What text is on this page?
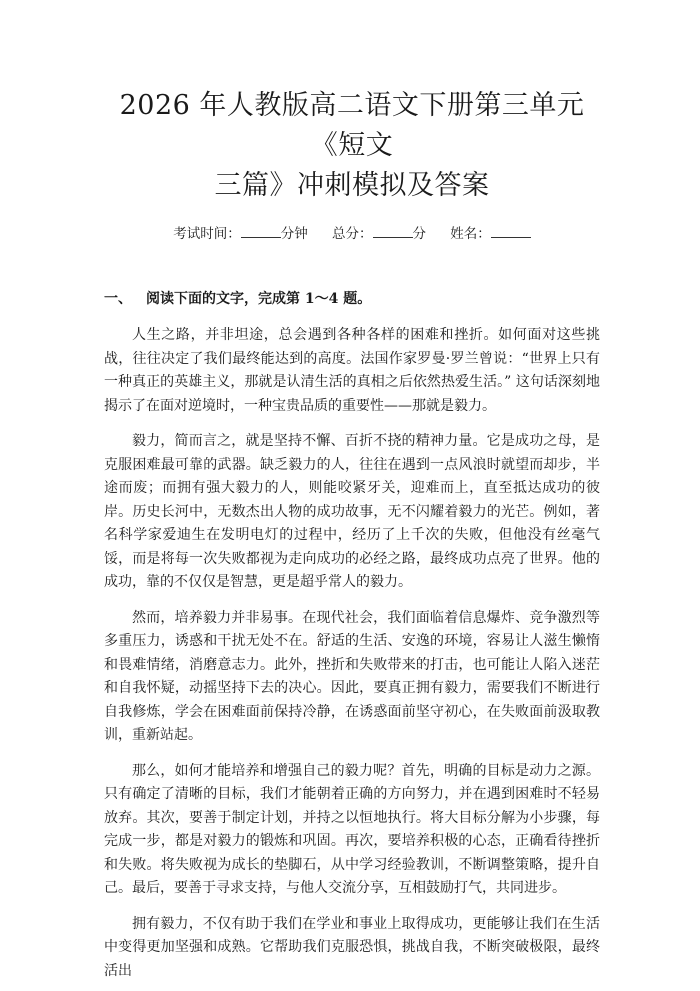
2026 年人教版高二语文下册第三单元《短文
三篇》冲刺模拟及答案
考试时间：	分钟 总分：	分 姓名：
一、 阅读下面的文字，完成第 1～4 题。

人生之路，并非坦途，总会遇到各种各样的困难和挫折。如何面对这些挑战，往往决定了我们最终能达到的高度。法国作家罗曼·罗兰曾说：“世界上只有一种真正的英雄主义，那就是认清生活的真相之后依然热爱生活。” 这句话深刻地揭示了在面对逆境时，一种宝贵品质的重要性——那就是毅力。

毅力，简而言之，就是坚持不懈、百折不挠的精神力量。它是成功之母，是克服困难最可靠的武器。缺乏毅力的人，往往在遇到一点风浪时就望而却步，半途而废；而拥有强大毅力的人，则能咬紧牙关，迎难而上，直至抵达成功的彼岸。历史长河中，无数杰出人物的成功故事，无不闪耀着毅力的光芒。例如，著名科学家爱迪生在发明电灯的过程中，经历了上千次的失败，但他没有丝毫气馁，而是将每一次失败都视为走向成功的必经之路，最终成功点亮了世界。他的成功，靠的不仅仅是智慧，更是超乎常人的毅力。

然而，培养毅力并非易事。在现代社会，我们面临着信息爆炸、竞争激烈等多重压力，诱惑和干扰无处不在。舒适的生活、安逸的环境，容易让人滋生懒惰和畏难情绪，消磨意志力。此外，挫折和失败带来的打击，也可能让人陷入迷茫和自我怀疑，动摇坚持下去的决心。因此，要真正拥有毅力，需要我们不断进行自我修炼，学会在困难面前保持冷静，在诱惑面前坚守初心，在失败面前汲取教训，重新站起。

那么，如何才能培养和增强自己的毅力呢？首先，明确的目标是动力之源。只有确定了清晰的目标，我们才能朝着正确的方向努力，并在遇到困难时不轻易放弃。其次，要善于制定计划，并持之以恒地执行。将大目标分解为小步骤，每完成一步，都是对毅力的锻炼和巩固。再次，要培养积极的心态，正确看待挫折和失败。将失败视为成长的垫脚石，从中学习经验教训，不断调整策略，提升自己。最后，要善于寻求支持，与他人交流分享，互相鼓励打气，共同进步。

拥有毅力，不仅有助于我们在学业和事业上取得成功，更能够让我们在生活中变得更加坚强和成熟。它帮助我们克服恐惧，挑战自我，不断突破极限，最终活出
